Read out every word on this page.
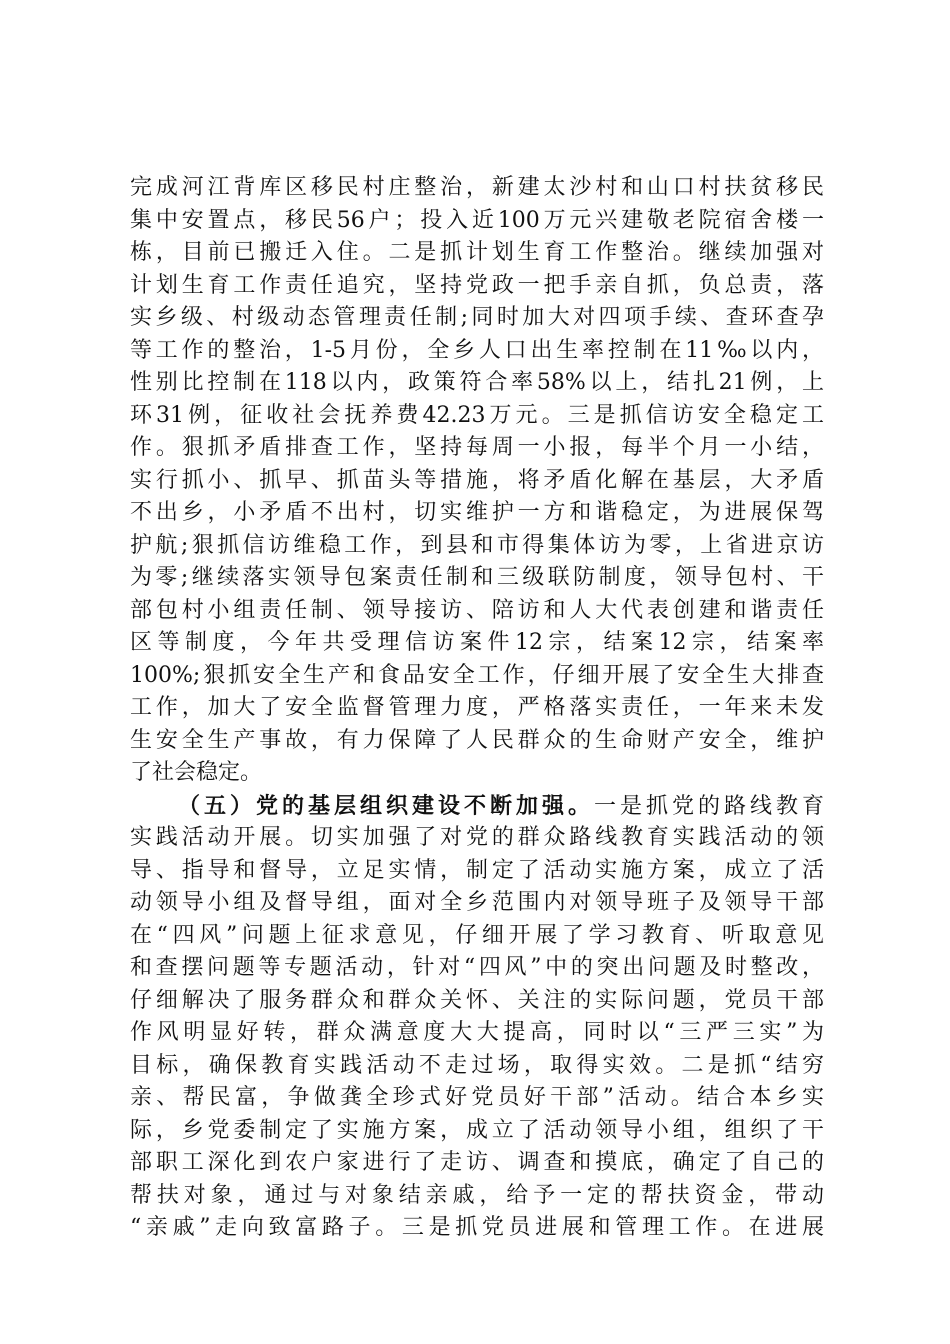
完成河江背库区移民村庄整治，新建太沙村和山口村扶贫移民
集中安置点，移民56户；投入近100万元兴建敬老院宿舍楼一
栋，目前已搬迁入住。二是抓计划生育工作整治。继续加强对
计划生育工作责任追究，坚持党政一把手亲自抓，负总责，落
实乡级、村级动态管理责任制;同时加大对四项手续、查环查孕
等工作的整治，1-5月份，全乡人口出生率控制在11‰以内，
性别比控制在118以内，政策符合率58%以上，结扎21例，上
环31例，征收社会抚养费42.23万元。三是抓信访安全稳定工
作。狠抓矛盾排查工作，坚持每周一小报，每半个月一小结，
实行抓小、抓早、抓苗头等措施，将矛盾化解在基层，大矛盾
不出乡，小矛盾不出村，切实维护一方和谐稳定，为进展保驾
护航;狠抓信访维稳工作，到县和市得集体访为零，上省进京访
为零;继续落实领导包案责任制和三级联防制度，领导包村、干
部包村小组责任制、领导接访、陪访和人大代表创建和谐责任
区等制度，今年共受理信访案件12宗，结案12宗，结案率
100%;狠抓安全生产和食品安全工作，仔细开展了安全生大排查
工作，加大了安全监督管理力度，严格落实责任，一年来未发
生安全生产事故，有力保障了人民群众的生命财产安全，维护
了社会稳定。
（五）党的基层组织建设不断加强。一是抓党的路线教育
实践活动开展。切实加强了对党的群众路线教育实践活动的领
导、指导和督导，立足实情，制定了活动实施方案，成立了活
动领导小组及督导组，面对全乡范围内对领导班子及领导干部
在“四风”问题上征求意见，仔细开展了学习教育、听取意见
和查摆问题等专题活动，针对“四风”中的突出问题及时整改，
仔细解决了服务群众和群众关怀、关注的实际问题，党员干部
作风明显好转，群众满意度大大提高，同时以“三严三实”为
目标，确保教育实践活动不走过场，取得实效。二是抓“结穷
亲、帮民富，争做龚全珍式好党员好干部”活动。结合本乡实
际，乡党委制定了实施方案，成立了活动领导小组，组织了干
部职工深化到农户家进行了走访、调查和摸底，确定了自己的
帮扶对象，通过与对象结亲戚，给予一定的帮扶资金，带动
“亲戚”走向致富路子。三是抓党员进展和管理工作。在进展
